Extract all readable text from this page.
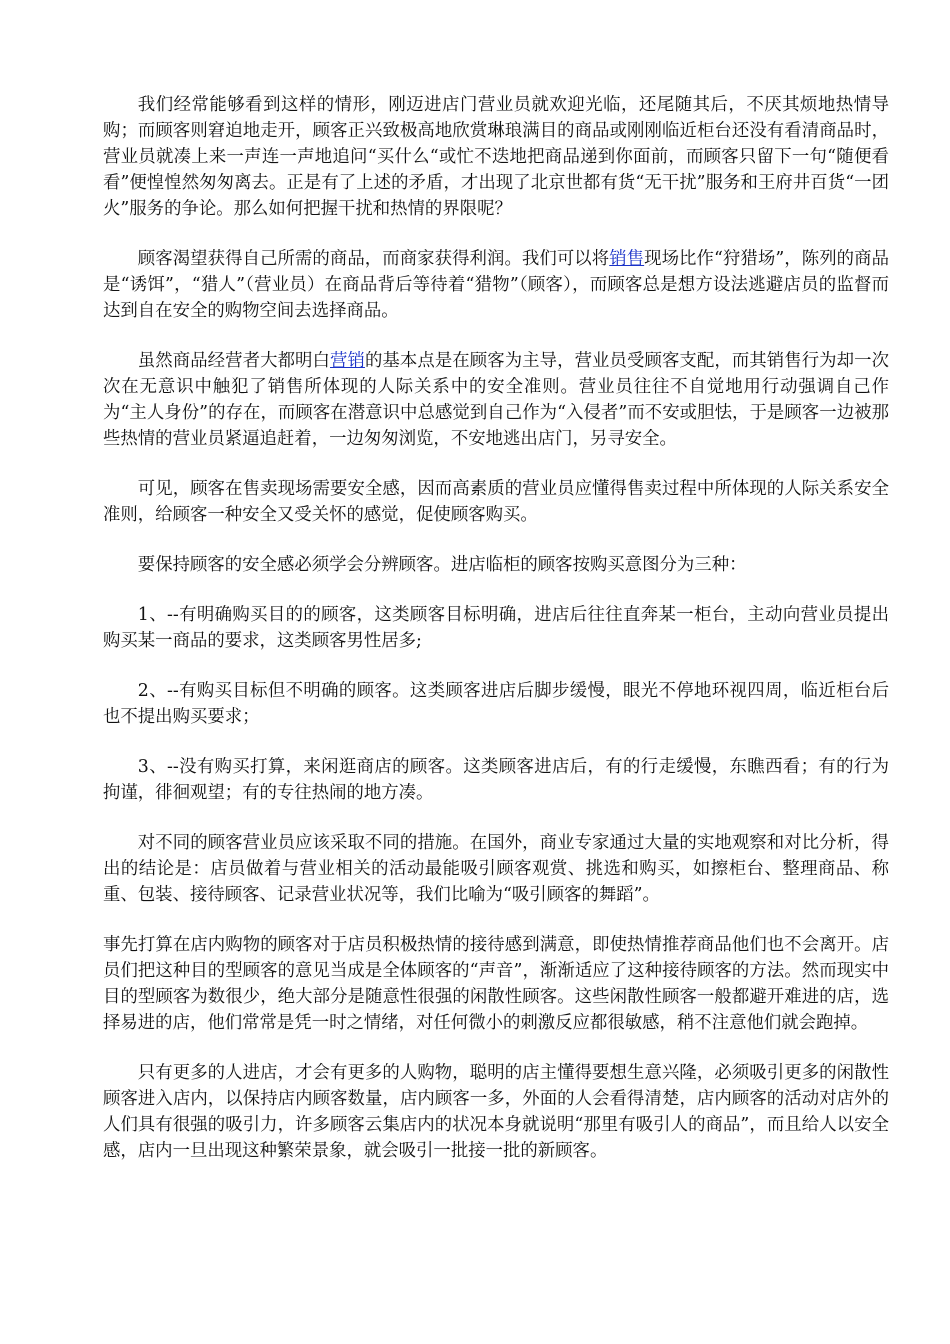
我们经常能够看到这样的情形，刚迈进店门营业员就欢迎光临，还尾随其后，不厌其烦地热情导购；而顾客则窘迫地走开，顾客正兴致极高地欣赏琳琅满目的商品或刚刚临近柜台还没有看清商品时，营业员就凑上来一声连一声地追问“买什么“或忙不迭地把商品递到你面前，而顾客只留下一句“随便看看”便惶惶然匆匆离去。正是有了上述的矛盾，才出现了北京世都有货“无干扰”服务和王府井百货“一团火”服务的争论。那么如何把握干扰和热情的界限呢？

顾客渴望获得自己所需的商品，而商家获得利润。我们可以将销售现场比作“狩猎场”，陈列的商品是“诱饵”，“猎人”（营业员）在商品背后等待着“猎物”（顾客），而顾客总是想方设法逃避店员的监督而达到自在安全的购物空间去选择商品。

虽然商品经营者大都明白营销的基本点是在顾客为主导，营业员受顾客支配，而其销售行为却一次次在无意识中触犯了销售所体现的人际关系中的安全准则。营业员往往不自觉地用行动强调自己作为“主人身份”的存在，而顾客在潜意识中总感觉到自己作为“入侵者”而不安或胆怯，于是顾客一边被那些热情的营业员紧逼追赶着，一边匆匆浏览，不安地逃出店门，另寻安全。

可见，顾客在售卖现场需要安全感，因而高素质的营业员应懂得售卖过程中所体现的人际关系安全准则，给顾客一种安全又受关怀的感觉，促使顾客购买。

要保持顾客的安全感必须学会分辨顾客。进店临柜的顾客按购买意图分为三种：

1、--有明确购买目的的顾客，这类顾客目标明确，进店后往往直奔某一柜台，主动向营业员提出购买某一商品的要求，这类顾客男性居多;

2、--有购买目标但不明确的顾客。这类顾客进店后脚步缓慢，眼光不停地环视四周，临近柜台后也不提出购买要求；

3、--没有购买打算，来闲逛商店的顾客。这类顾客进店后，有的行走缓慢，东瞧西看；有的行为拘谨，徘徊观望；有的专往热闹的地方凑。

对不同的顾客营业员应该采取不同的措施。在国外，商业专家通过大量的实地观察和对比分析，得出的结论是：店员做着与营业相关的活动最能吸引顾客观赏、挑选和购买，如擦柜台、整理商品、称重、包装、接待顾客、记录营业状况等，我们比喻为“吸引顾客的舞蹈”。

事先打算在店内购物的顾客对于店员积极热情的接待感到满意，即使热情推荐商品他们也不会离开。店员们把这种目的型顾客的意见当成是全体顾客的“声音”，渐渐适应了这种接待顾客的方法。然而现实中目的型顾客为数很少，绝大部分是随意性很强的闲散性顾客。这些闲散性顾客一般都避开难进的店，选择易进的店，他们常常是凭一时之情绪，对任何微小的刺激反应都很敏感，稍不注意他们就会跑掉。

只有更多的人进店，才会有更多的人购物，聪明的店主懂得要想生意兴隆，必须吸引更多的闲散性顾客进入店内，以保持店内顾客数量，店内顾客一多，外面的人会看得清楚，店内顾客的活动对店外的人们具有很强的吸引力，许多顾客云集店内的状况本身就说明“那里有吸引人的商品”，而且给人以安全感，店内一旦出现这种繁荣景象，就会吸引一批接一批的新顾客。
